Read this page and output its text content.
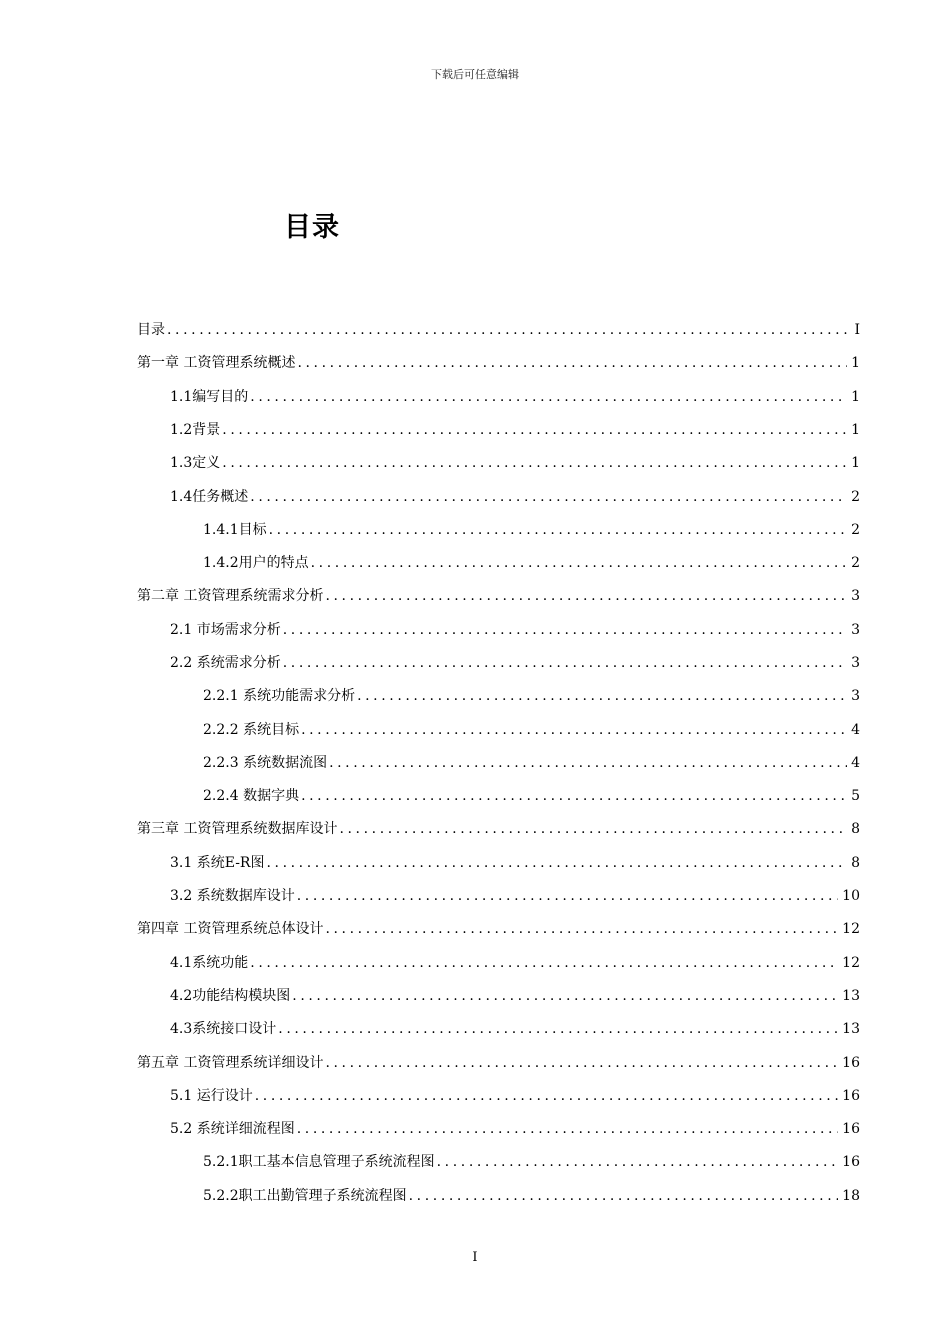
下载后可任意编辑
目录
目录 .....	I
第一章 工资管理系统概述 .....	1
1.1编写目的 .....	1
1.2背景 .....	1
1.3定义 .....	1
1.4任务概述 .....	2
1.4.1目标 .....	2
1.4.2用户的特点 .....	2
第二章 工资管理系统需求分析 .....	3
2.1 市场需求分析 .....	3
2.2 系统需求分析 .....	3
2.2.1 系统功能需求分析 .....	3
2.2.2 系统目标 .....	4
2.2.3 系统数据流图 .....	4
2.2.4 数据字典 .....	5
第三章 工资管理系统数据库设计 .....	8
3.1 系统E-R图 .....	8
3.2 系统数据库设计 .....	10
第四章 工资管理系统总体设计 .....	12
4.1系统功能 .....	12
4.2功能结构模块图 .....	13
4.3系统接口设计 .....	13
第五章 工资管理系统详细设计 .....	16
5.1 运行设计 .....	16
5.2 系统详细流程图 .....	16
5.2.1职工基本信息管理子系统流程图 .....	16
5.2.2职工出勤管理子系统流程图 .....	18
I
